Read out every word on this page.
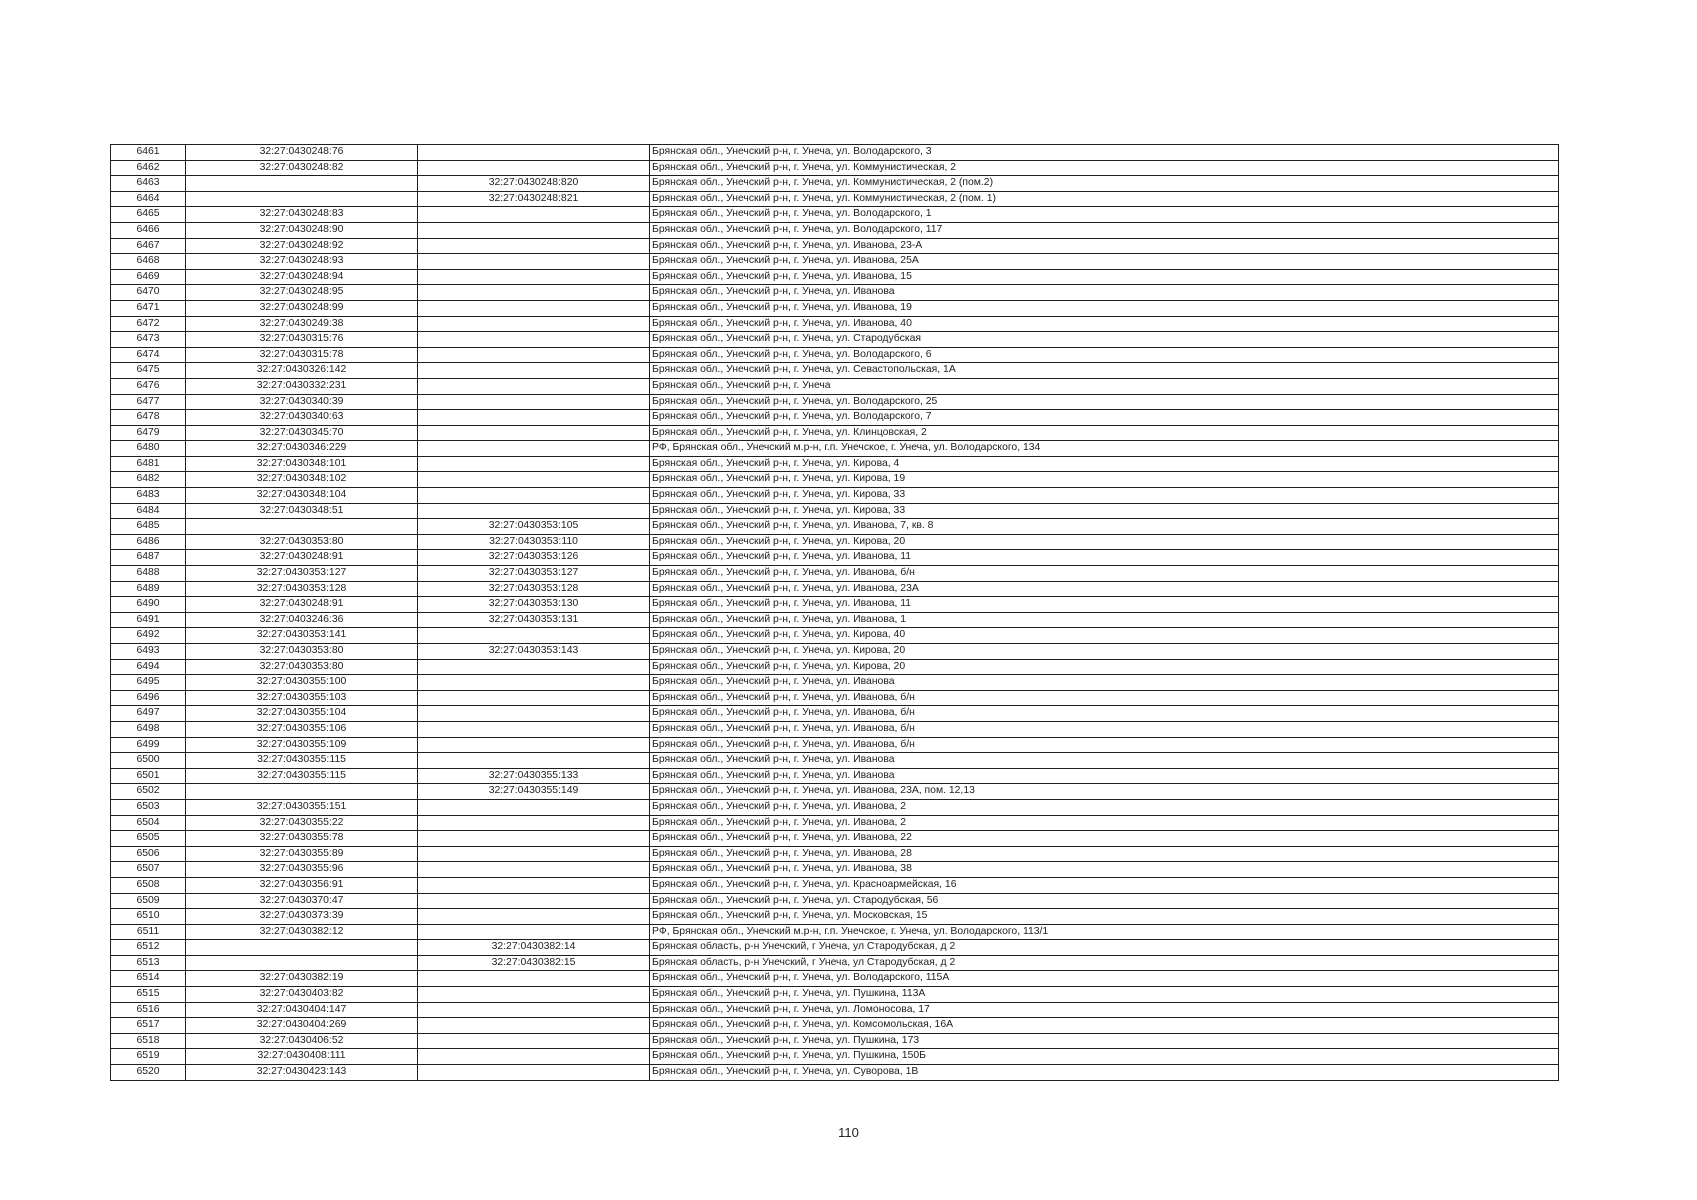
6461	32:27:0430248:76		Брянская обл., Унечский р-н, г. Унеча, ул. Володарского, 3
6462	32:27:0430248:82		Брянская обл., Унечский р-н, г. Унеча, ул. Коммунистическая, 2
6463		32:27:0430248:820	Брянская обл., Унечский р-н, г. Унеча, ул. Коммунистическая, 2 (пом.2)
6464		32:27:0430248:821	Брянская обл., Унечский р-н, г. Унеча, ул. Коммунистическая, 2 (пом. 1)
6465	32:27:0430248:83		Брянская обл., Унечский р-н, г. Унеча, ул. Володарского, 1
6466	32:27:0430248:90		Брянская обл., Унечский р-н, г. Унеча, ул. Володарского, 117
6467	32:27:0430248:92		Брянская обл., Унечский р-н, г. Унеча, ул. Иванова, 23-А
6468	32:27:0430248:93		Брянская обл., Унечский р-н, г. Унеча, ул. Иванова, 25А
6469	32:27:0430248:94		Брянская обл., Унечский р-н, г. Унеча, ул. Иванова, 15
6470	32:27:0430248:95		Брянская обл., Унечский р-н, г. Унеча, ул. Иванова
6471	32:27:0430248:99		Брянская обл., Унечский р-н, г. Унеча, ул. Иванова, 19
6472	32:27:0430249:38		Брянская обл., Унечский р-н, г. Унеча, ул. Иванова, 40
6473	32:27:0430315:76		Брянская обл., Унечский р-н, г. Унеча, ул. Стародубская
6474	32:27:0430315:78		Брянская обл., Унечский р-н, г. Унеча, ул. Володарского, 6
6475	32:27:0430326:142		Брянская обл., Унечский р-н, г. Унеча, ул. Севастопольская, 1А
6476	32:27:0430332:231		Брянская обл., Унечский р-н, г. Унеча
6477	32:27:0430340:39		Брянская обл., Унечский р-н, г. Унеча, ул. Володарского, 25
6478	32:27:0430340:63		Брянская обл., Унечский р-н, г. Унеча, ул. Володарского, 7
6479	32:27:0430345:70		Брянская обл., Унечский р-н, г. Унеча, ул. Клинцовская, 2
6480	32:27:0430346:229		РФ, Брянская обл., Унечский м.р-н, г.п. Унечское, г. Унеча, ул. Володарского, 134
6481	32:27:0430348:101		Брянская обл., Унечский р-н, г. Унеча, ул. Кирова, 4
6482	32:27:0430348:102		Брянская обл., Унечский р-н, г. Унеча, ул. Кирова, 19
6483	32:27:0430348:104		Брянская обл., Унечский р-н, г. Унеча, ул. Кирова, 33
6484	32:27:0430348:51		Брянская обл., Унечский р-н, г. Унеча, ул. Кирова, 33
6485		32:27:0430353:105	Брянская обл., Унечский р-н, г. Унеча, ул. Иванова, 7, кв. 8
6486	32:27:0430353:80	32:27:0430353:110	Брянская обл., Унечский р-н, г. Унеча, ул. Кирова, 20
6487	32:27:0430248:91	32:27:0430353:126	Брянская обл., Унечский р-н, г. Унеча, ул. Иванова, 11
6488	32:27:0430353:127	32:27:0430353:127	Брянская обл., Унечский р-н, г. Унеча, ул. Иванова, б/н
6489	32:27:0430353:128	32:27:0430353:128	Брянская обл., Унечский р-н, г. Унеча, ул. Иванова, 23А
6490	32:27:0430248:91	32:27:0430353:130	Брянская обл., Унечский р-н, г. Унеча, ул. Иванова, 11
6491	32:27:0403246:36	32:27:0430353:131	Брянская обл., Унечский р-н, г. Унеча, ул. Иванова, 1
6492	32:27:0430353:141		Брянская обл., Унечский р-н, г. Унеча, ул. Кирова, 40
6493	32:27:0430353:80	32:27:0430353:143	Брянская обл., Унечский р-н, г. Унеча, ул. Кирова, 20
6494	32:27:0430353:80		Брянская обл., Унечский р-н, г. Унеча, ул. Кирова, 20
6495	32:27:0430355:100		Брянская обл., Унечский р-н, г. Унеча, ул. Иванова
6496	32:27:0430355:103		Брянская обл., Унечский р-н, г. Унеча, ул. Иванова, б/н
6497	32:27:0430355:104		Брянская обл., Унечский р-н, г. Унеча, ул. Иванова, б/н
6498	32:27:0430355:106		Брянская обл., Унечский р-н, г. Унеча, ул. Иванова, б/н
6499	32:27:0430355:109		Брянская обл., Унечский р-н, г. Унеча, ул. Иванова, б/н
6500	32:27:0430355:115		Брянская обл., Унечский р-н, г. Унеча, ул. Иванова
6501	32:27:0430355:115	32:27:0430355:133	Брянская обл., Унечский р-н, г. Унеча, ул. Иванова
6502		32:27:0430355:149	Брянская обл., Унечский р-н, г. Унеча, ул. Иванова, 23А, пом. 12,13
6503	32:27:0430355:151		Брянская обл., Унечский р-н, г. Унеча, ул. Иванова, 2
6504	32:27:0430355:22		Брянская обл., Унечский р-н, г. Унеча, ул. Иванова, 2
6505	32:27:0430355:78		Брянская обл., Унечский р-н, г. Унеча, ул. Иванова, 22
6506	32:27:0430355:89		Брянская обл., Унечский р-н, г. Унеча, ул. Иванова, 28
6507	32:27:0430355:96		Брянская обл., Унечский р-н, г. Унеча, ул. Иванова, 38
6508	32:27:0430356:91		Брянская обл., Унечский р-н, г. Унеча, ул. Красноармейская, 16
6509	32:27:0430370:47		Брянская обл., Унечский р-н, г. Унеча, ул. Стародубская, 56
6510	32:27:0430373:39		Брянская обл., Унечский р-н, г. Унеча, ул. Московская, 15
6511	32:27:0430382:12		РФ, Брянская обл., Унечский м.р-н, г.п. Унечское, г. Унеча, ул. Володарского, 113/1
6512		32:27:0430382:14	Брянская область, р-н Унечский, г Унеча, ул Стародубская, д 2
6513		32:27:0430382:15	Брянская область, р-н Унечский, г Унеча, ул Стародубская, д 2
6514	32:27:0430382:19		Брянская обл., Унечский р-н, г. Унеча, ул. Володарского, 115А
6515	32:27:0430403:82		Брянская обл., Унечский р-н, г. Унеча, ул. Пушкина, 113А
6516	32:27:0430404:147		Брянская обл., Унечский р-н, г. Унеча, ул. Ломоносова, 17
6517	32:27:0430404:269		Брянская обл., Унечский р-н, г. Унеча, ул. Комсомольская, 16А
6518	32:27:0430406:52		Брянская обл., Унечский р-н, г. Унеча, ул. Пушкина, 173
6519	32:27:0430408:111		Брянская обл., Унечский р-н, г. Унеча, ул. Пушкина, 150Б
6520	32:27:0430423:143		Брянская обл., Унечский р-н, г. Унеча, ул. Суворова, 1В
110
